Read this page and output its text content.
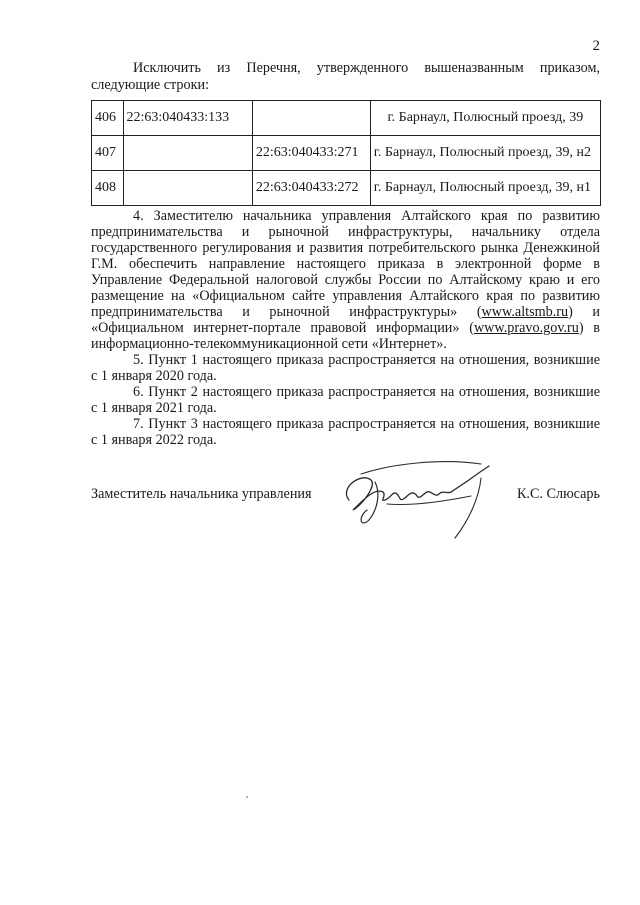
2
Исключить из Перечня, утвержденного вышеназванным приказом,
следующие строки:
406	22:63:040433:133		г. Барнаул, Полюсный проезд, 39
407		22:63:040433:271	г. Барнаул, Полюсный проезд, 39, н2
408		22:63:040433:272	г. Барнаул, Полюсный проезд, 39, н1

4. Заместителю начальника управления Алтайского края по развитию предпринимательства и рыночной инфраструктуры, начальнику отдела государственного регулирования и развития потребительского рынка Денежкиной Г.М. обеспечить направление настоящего приказа в электронной форме в Управление Федеральной налоговой службы России по Алтайскому краю и его размещение на «Официальном сайте управления Алтайского края по развитию предпринимательства и рыночной инфраструктуры» (www.altsmb.ru) и «Официальном интернет-портале правовой информации» (www.pravo.gov.ru) в информационно-телекоммуникационной сети «Интернет».

5. Пункт 1 настоящего приказа распространяется на отношения, возникшие с 1 января 2020 года.

6. Пункт 2 настоящего приказа распространяется на отношения, возникшие с 1 января 2021 года.

7. Пункт 3 настоящего приказа распространяется на отношения, возникшие с 1 января 2022 года.

Заместитель начальника управления	К.С. Слюсарь
